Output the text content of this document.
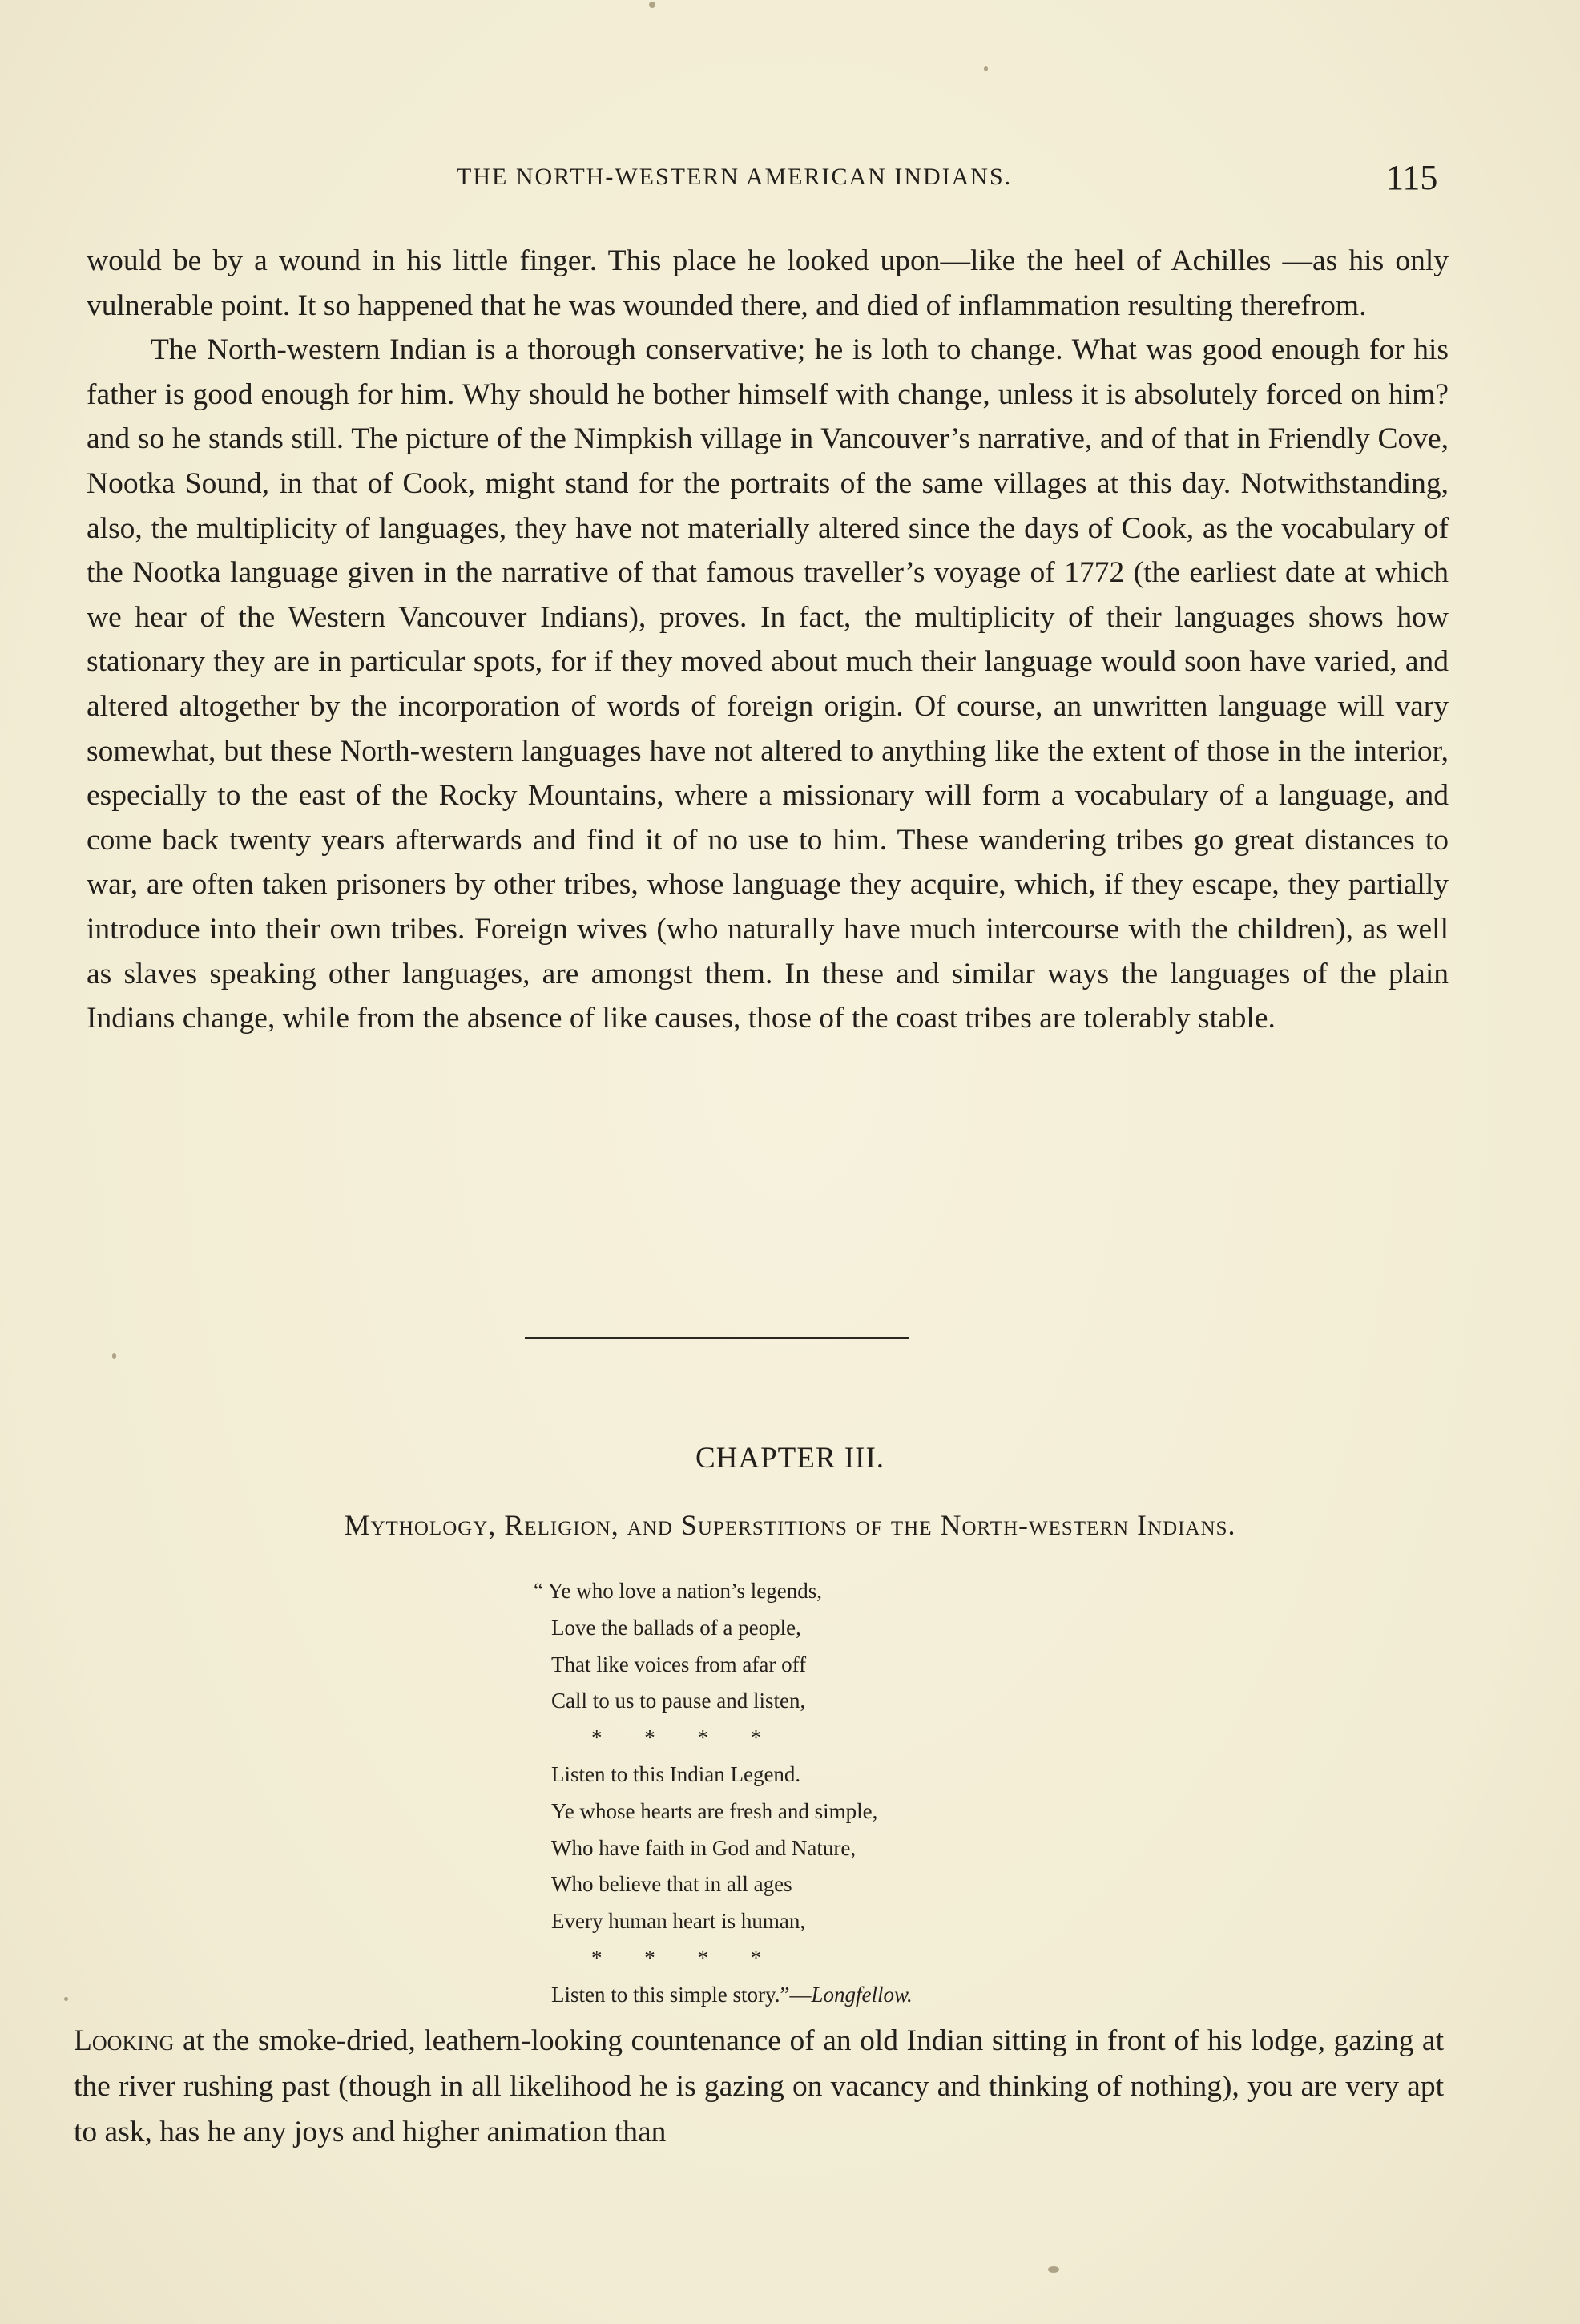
THE NORTH-WESTERN AMERICAN INDIANS.	115

would be by a wound in his little finger. This place he looked upon—like the heel of Achilles —as his only vulnerable point. It so happened that he was wounded there, and died of inflammation resulting therefrom.

The North-western Indian is a thorough conservative; he is loth to change. What was good enough for his father is good enough for him. Why should he bother himself with change, unless it is absolutely forced on him? and so he stands still. The picture of the Nimpkish village in Vancouver’s narrative, and of that in Friendly Cove, Nootka Sound, in that of Cook, might stand for the portraits of the same villages at this day. Notwithstanding, also, the multiplicity of languages, they have not materially altered since the days of Cook, as the vocabulary of the Nootka language given in the narrative of that famous traveller’s voyage of 1772 (the earliest date at which we hear of the Western Vancouver Indians), proves. In fact, the multiplicity of their languages shows how stationary they are in particular spots, for if they moved about much their language would soon have varied, and altered altogether by the incorporation of words of foreign origin. Of course, an unwritten language will vary somewhat, but these North-western languages have not altered to anything like the extent of those in the interior, especially to the east of the Rocky Mountains, where a missionary will form a vocabulary of a language, and come back twenty years afterwards and find it of no use to him. These wandering tribes go great distances to war, are often taken prisoners by other tribes, whose language they acquire, which, if they escape, they partially introduce into their own tribes. Foreign wives (who naturally have much intercourse with the children), as well as slaves speaking other languages, are amongst them. In these and similar ways the languages of the plain Indians change, while from the absence of like causes, those of the coast tribes are tolerably stable.

CHAPTER III.
Mythology, Religion, and Superstitions of the North-western Indians.
“ Ye who love a nation’s legends,
Love the ballads of a people,
That like voices from afar off
Call to us to pause and listen,
* * * *
Listen to this Indian Legend.
Ye whose hearts are fresh and simple,
Who have faith in God and Nature,
Who believe that in all ages
Every human heart is human,
* * * *
Listen to this simple story.”—Longfellow.
Looking at the smoke-dried, leathern-looking countenance of an old Indian sitting in front of his lodge, gazing at the river rushing past (though in all likelihood he is gazing on vacancy and thinking of nothing), you are very apt to ask, has he any joys and higher animation than
